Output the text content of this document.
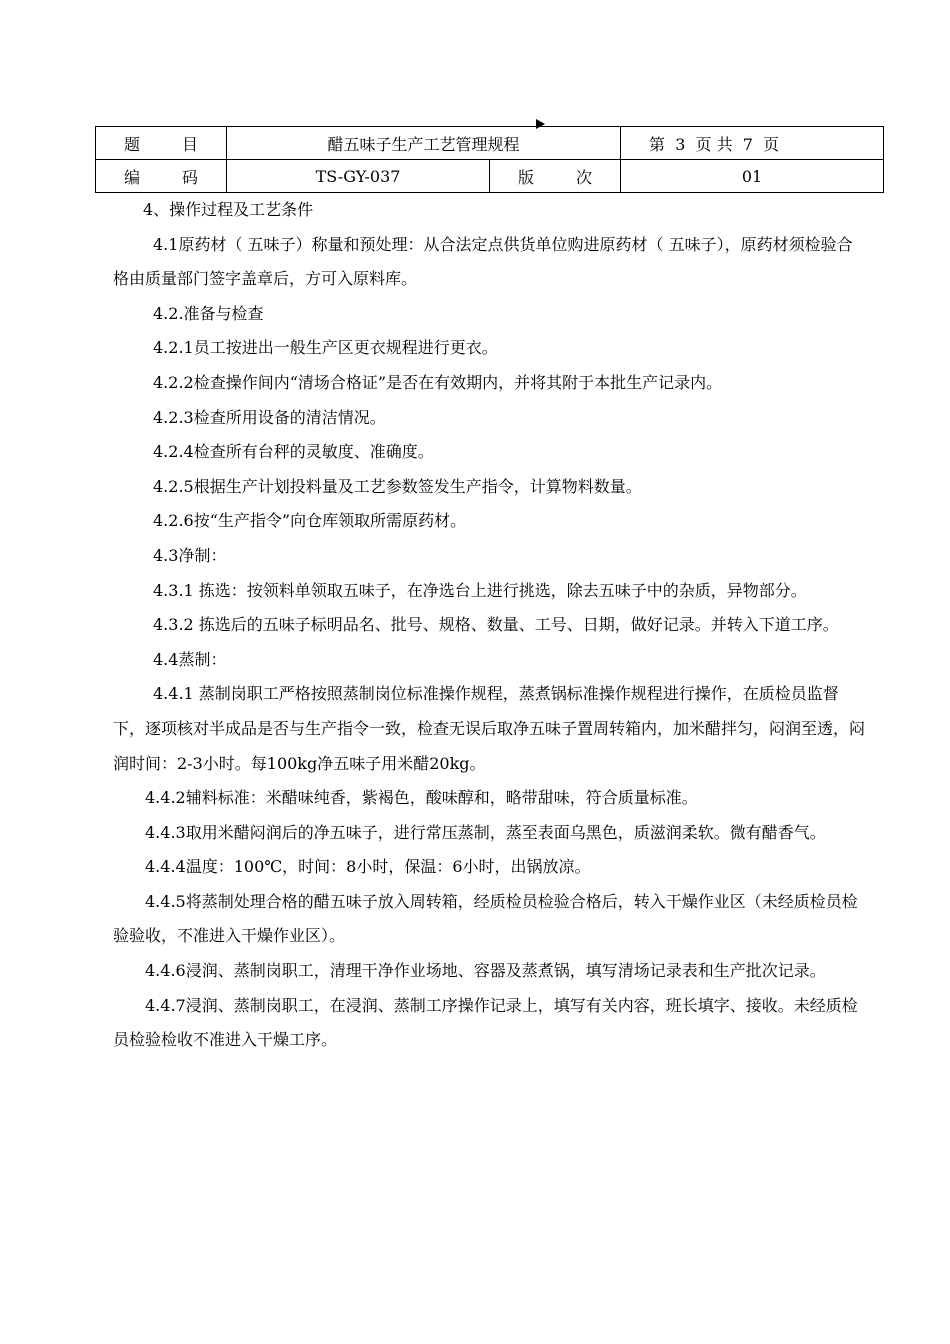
题 目	醋五味子生产工艺管理规程		第  3  页 共  7  页

编 码	TS-GY-037	版 次	01

4、操作过程及工艺条件

4.1原药材（ 五味子）称量和预处理：从合法定点供货单位购进原药材（ 五味子），原药材须检验合格由质量部门签字盖章后，方可入原料库。

4.2.准备与检查

4.2.1员工按进出一般生产区更衣规程进行更衣。

4.2.2检查操作间内“清场合格证”是否在有效期内，并将其附于本批生产记录内。

4.2.3检查所用设备的清洁情况。

4.2.4检查所有台秤的灵敏度、准确度。

4.2.5根据生产计划投料量及工艺参数签发生产指令，计算物料数量。

4.2.6按“生产指令”向仓库领取所需原药材。

4.3净制：

4.3.1 拣选：按领料单领取五味子，在净选台上进行挑选，除去五味子中的杂质，异物部分。

4.3.2 拣选后的五味子标明品名、批号、规格、数量、工号、日期，做好记录。并转入下道工序。

4.4蒸制：

4.4.1 蒸制岗职工严格按照蒸制岗位标准操作规程，蒸煮锅标准操作规程进行操作，在质检员监督下，逐项核对半成品是否与生产指令一致，检查无误后取净五味子置周转箱内，加米醋拌匀，闷润至透，闷润时间：2-3小时。每100kg净五味子用米醋20kg。

4.4.2辅料标准：米醋味纯香，紫褐色，酸味醇和，略带甜味，符合质量标准。

4.4.3取用米醋闷润后的净五味子，进行常压蒸制，蒸至表面乌黑色，质滋润柔软。微有醋香气。

4.4.4温度：100℃，时间：8小时，保温：6小时，出锅放凉。

4.4.5将蒸制处理合格的醋五味子放入周转箱，经质检员检验合格后，转入干燥作业区（未经质检员检验验收，不准进入干燥作业区）。

4.4.6浸润、蒸制岗职工，清理干净作业场地、容器及蒸煮锅，填写清场记录表和生产批次记录。

4.4.7浸润、蒸制岗职工，在浸润、蒸制工序操作记录上，填写有关内容，班长填字、接收。未经质检员检验检收不准进入干燥工序。
